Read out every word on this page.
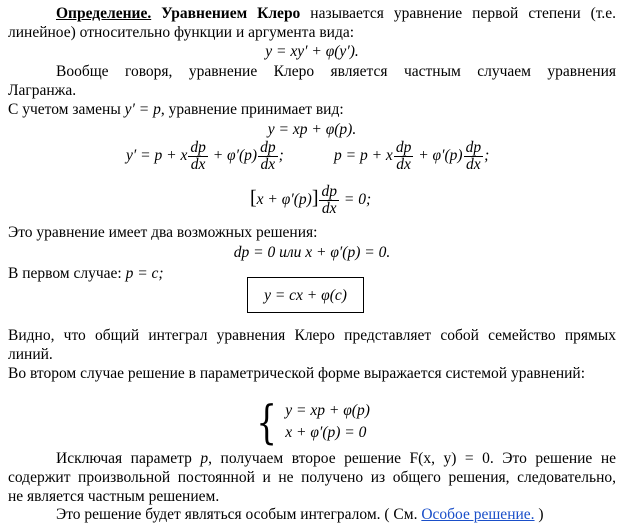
Определение. Уравнением Клеро называется уравнение первой степени (т.е.
линейное) относительно функции и аргумента вида:
y = xy′ + φ(y′).
Вообще говоря, уравнение Клеро является частным случаем уравнения
Лагранжа.
С учетом замены y′ = p, уравнение принимает вид:
y = xp + φ(p).
y′ = p + x $\frac{dp}{dx} + \varphi'(p) \frac{dp}{dx}$ ;	p = p + x $\frac{dp}{dx} + \varphi'(p) \frac{dp}{dx}$ ;
$[x + \varphi'(p)] \frac{dp}{dx} = 0$;
Это уравнение имеет два возможных решения:
dp = 0 или x + φ′(p) = 0.
В первом случае: p = c;
y = cx + φ(c)
Видно, что общий интеграл уравнения Клеро представляет собой семейство прямых
линий.
Во втором случае решение в параметрической форме выражается системой уравнений:
{ y = xp + φ(p)
x + φ′(p) = 0
Исключая параметр p, получаем второе решение F(x, y) = 0. Это решение не
содержит произвольной постоянной и не получено из общего решения, следовательно,
не является частным решением.
Это решение будет являться особым интегралом. ( См. Особое решение. )
